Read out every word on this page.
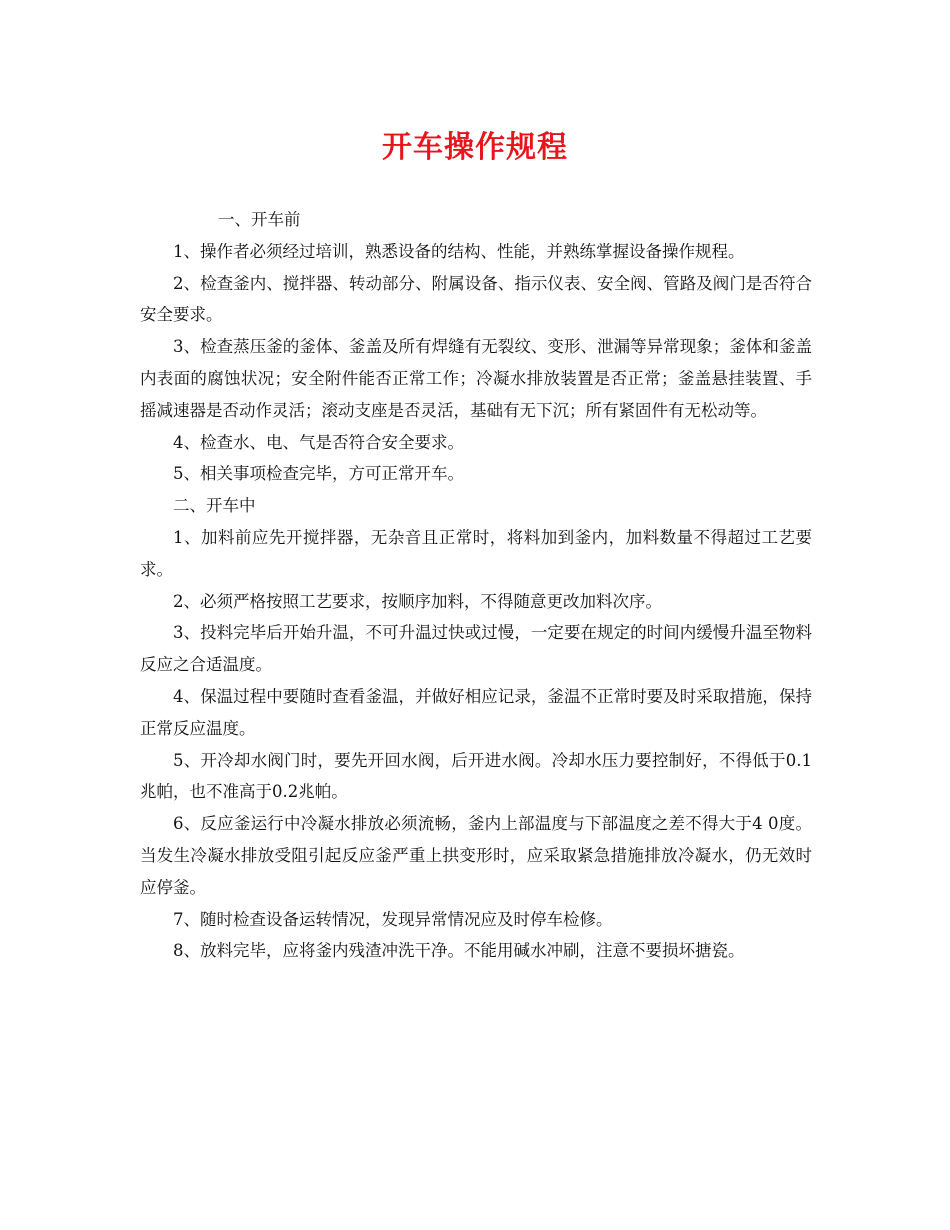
开车操作规程

一、开车前

1、操作者必须经过培训，熟悉设备的结构、性能，并熟练掌握设备操作规程。

2、检查釜内、搅拌器、转动部分、附属设备、指示仪表、安全阀、管路及阀门是否符合安全要求。

3、检查蒸压釜的釜体、釜盖及所有焊缝有无裂纹、变形、泄漏等异常现象；釜体和釜盖内表面的腐蚀状况；安全附件能否正常工作；冷凝水排放装置是否正常；釜盖悬挂装置、手摇减速器是否动作灵活；滚动支座是否灵活，基础有无下沉；所有紧固件有无松动等。

4、检查水、电、气是否符合安全要求。

5、相关事项检查完毕，方可正常开车。

二、开车中

1、加料前应先开搅拌器，无杂音且正常时，将料加到釜内，加料数量不得超过工艺要求。

2、必须严格按照工艺要求，按顺序加料，不得随意更改加料次序。

3、投料完毕后开始升温，不可升温过快或过慢，一定要在规定的时间内缓慢升温至物料反应之合适温度。

4、保温过程中要随时查看釜温，并做好相应记录，釜温不正常时要及时采取措施，保持正常反应温度。

5、开冷却水阀门时，要先开回水阀，后开进水阀。冷却水压力要控制好，不得低于0.1兆帕，也不准高于0.2兆帕。

6、反应釜运行中冷凝水排放必须流畅，釜内上部温度与下部温度之差不得大于4 0度。当发生冷凝水排放受阻引起反应釜严重上拱变形时，应采取紧急措施排放冷凝水，仍无效时应停釜。

7、随时检查设备运转情况，发现异常情况应及时停车检修。

8、放料完毕，应将釜内残渣冲洗干净。不能用碱水冲刷，注意不要损坏搪瓷。
